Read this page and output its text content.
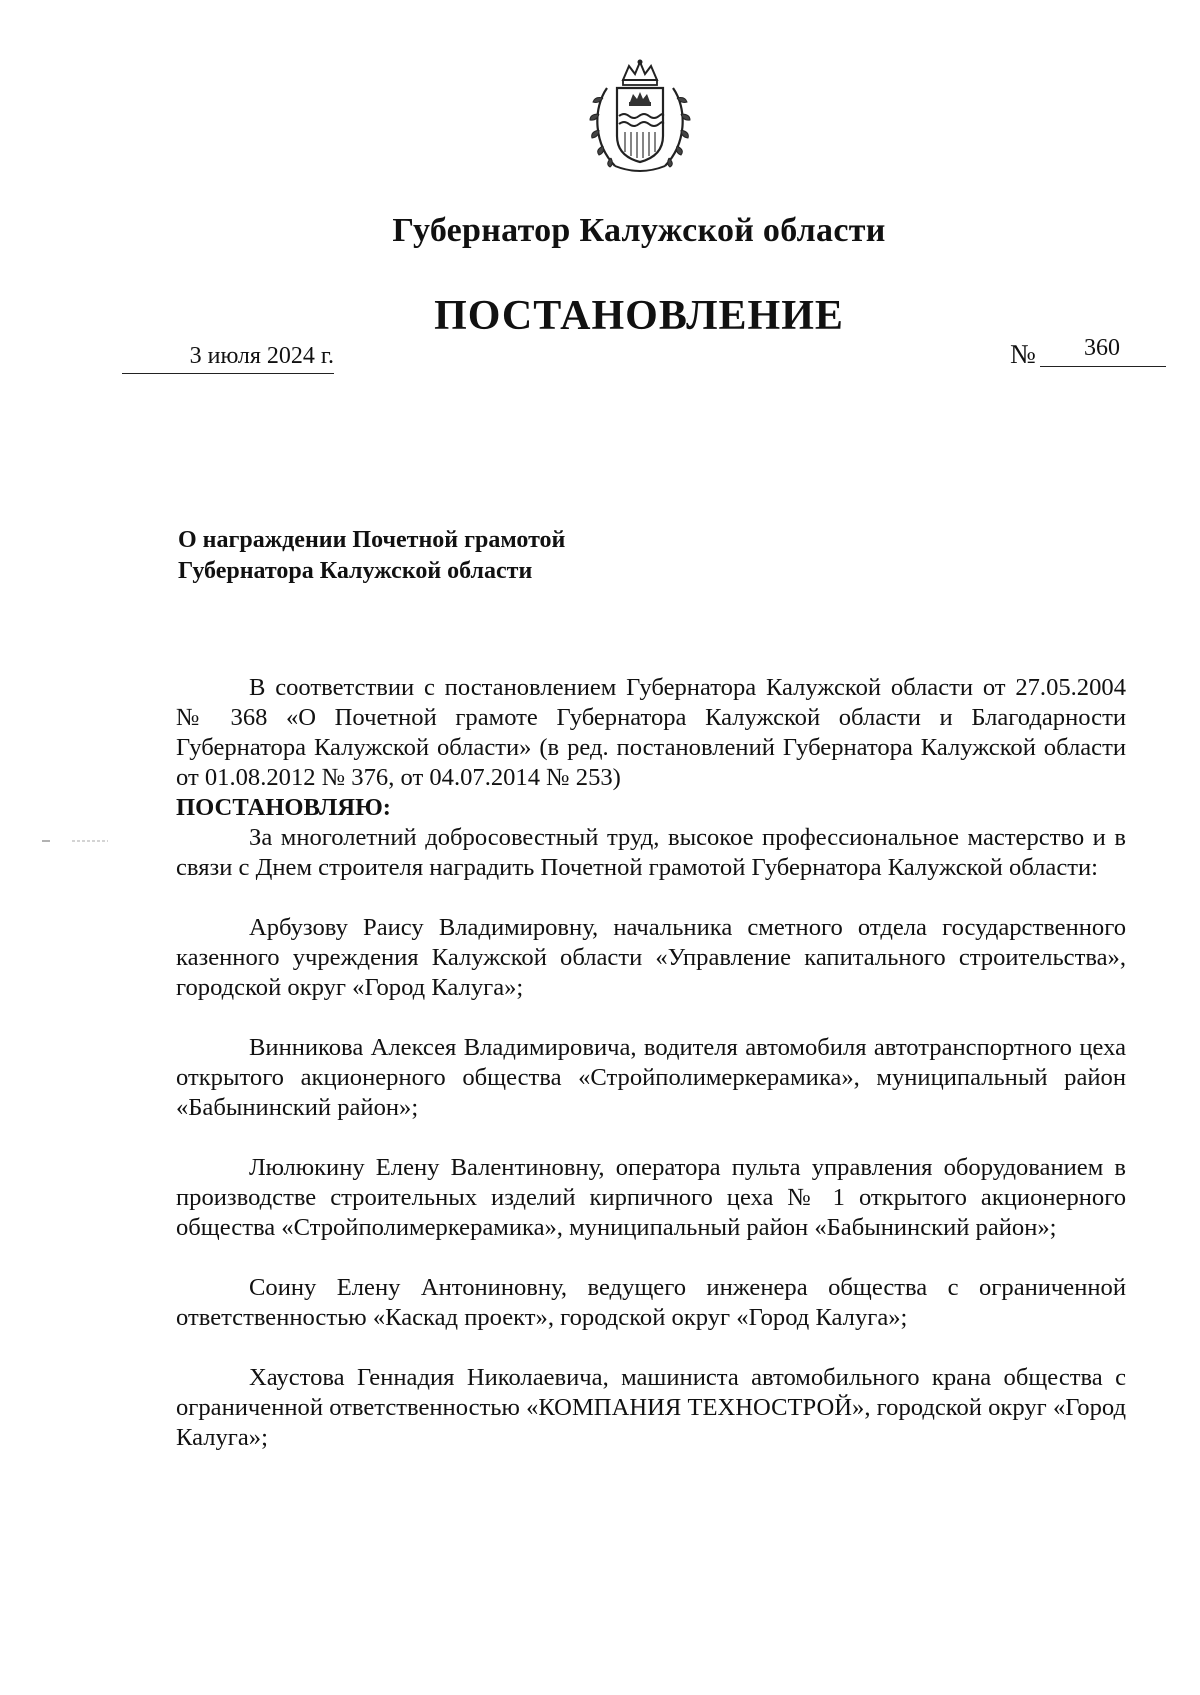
Губернатор Калужской области
ПОСТАНОВЛЕНИЕ
3 июля 2024 г.	№	360
О награждении Почетной грамотой
Губернатора Калужской области

В соответствии с постановлением Губернатора Калужской области от 27.05.2004 № 368 «О Почетной грамоте Губернатора Калужской области и Благодарности Губернатора Калужской области» (в ред. постановлений Губернатора Калужской области от 01.08.2012 № 376, от 04.07.2014 № 253)

ПОСТАНОВЛЯЮ:

За многолетний добросовестный труд, высокое профессиональное мастерство и в связи с Днем строителя наградить Почетной грамотой Губернатора Калужской области:

Арбузову Раису Владимировну, начальника сметного отдела государственного казенного учреждения Калужской области «Управление капитального строительства», городской округ «Город Калуга»;

Винникова Алексея Владимировича, водителя автомобиля автотранспортного цеха открытого акционерного общества «Стройполимеркерамика», муниципальный район «Бабынинский район»;

Люлюкину Елену Валентиновну, оператора пульта управления оборудованием в производстве строительных изделий кирпичного цеха № 1 открытого акционерного общества «Стройполимеркерамика», муниципальный район «Бабынинский район»;

Соину Елену Антониновну, ведущего инженера общества с ограниченной ответственностью «Каскад проект», городской округ «Город Калуга»;

Хаустова Геннадия Николаевича, машиниста автомобильного крана общества с ограниченной ответственностью «КОМПАНИЯ ТЕХНОСТРОЙ», городской округ «Город Калуга»;
